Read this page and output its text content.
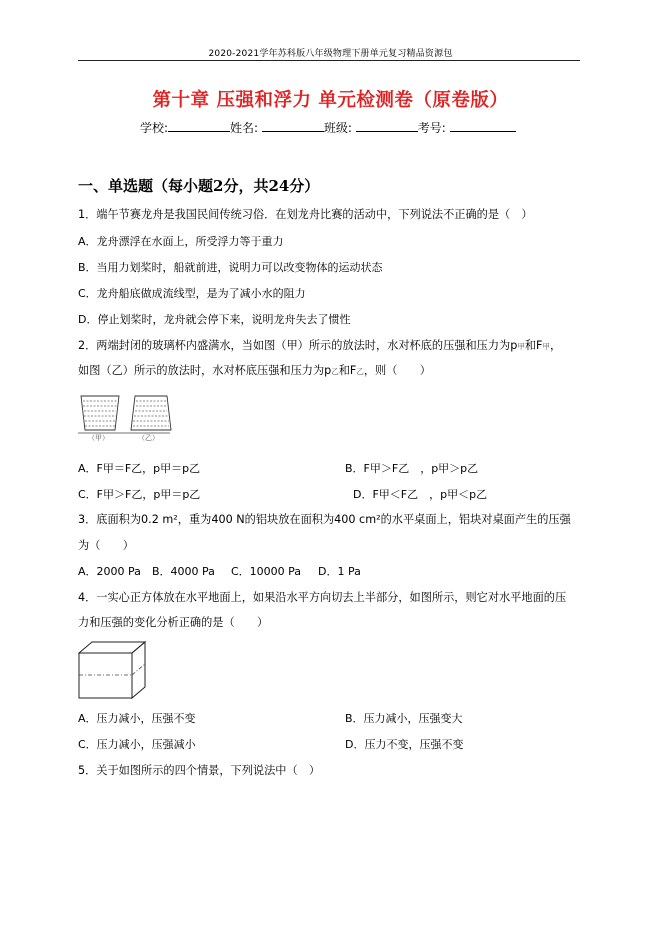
2020-2021学年苏科版八年级物理下册单元复习精品资源包
第十章 压强和浮力 单元检测卷（原卷版）
学校:	姓名:	班级:	考号:
一、单选题（每小题2分，共24分）
1．端午节赛龙舟是我国民间传统习俗．在划龙舟比赛的活动中，下列说法不正确的是（　）
A．龙舟漂浮在水面上，所受浮力等于重力
B．当用力划桨时，船就前进，说明力可以改变物体的运动状态
C．龙舟船底做成流线型，是为了减小水的阻力
D．停止划桨时，龙舟就会停下来，说明龙舟失去了惯性
2．两端封闭的玻璃杯内盛满水，当如图（甲）所示的放法时，水对杯底的压强和压力为p甲和F甲，
如图（乙）所示的放法时，水对杯底压强和压力为p乙和F乙，则（　　）
（甲）	（乙）
A．F甲＝F乙，p甲＝p乙	B．F甲＞F乙　，p甲＞p乙
C．F甲＞F乙，p甲＝p乙	D．F甲＜F乙　，p甲＜p乙
3．底面积为0.2 m²，重为400 N的铝块放在面积为400 cm²的水平桌面上，铝块对桌面产生的压强
为（　　）
A．2000 Pa B．4000 Pa C．10000 Pa D．1 Pa
4．一实心正方体放在水平地面上，如果沿水平方向切去上半部分，如图所示，则它对水平地面的压
力和压强的变化分析正确的是（　　）
A．压力减小，压强不变	B．压力减小，压强变大
C．压力减小，压强减小	D．压力不变，压强不变
5．关于如图所示的四个情景，下列说法中（　）
